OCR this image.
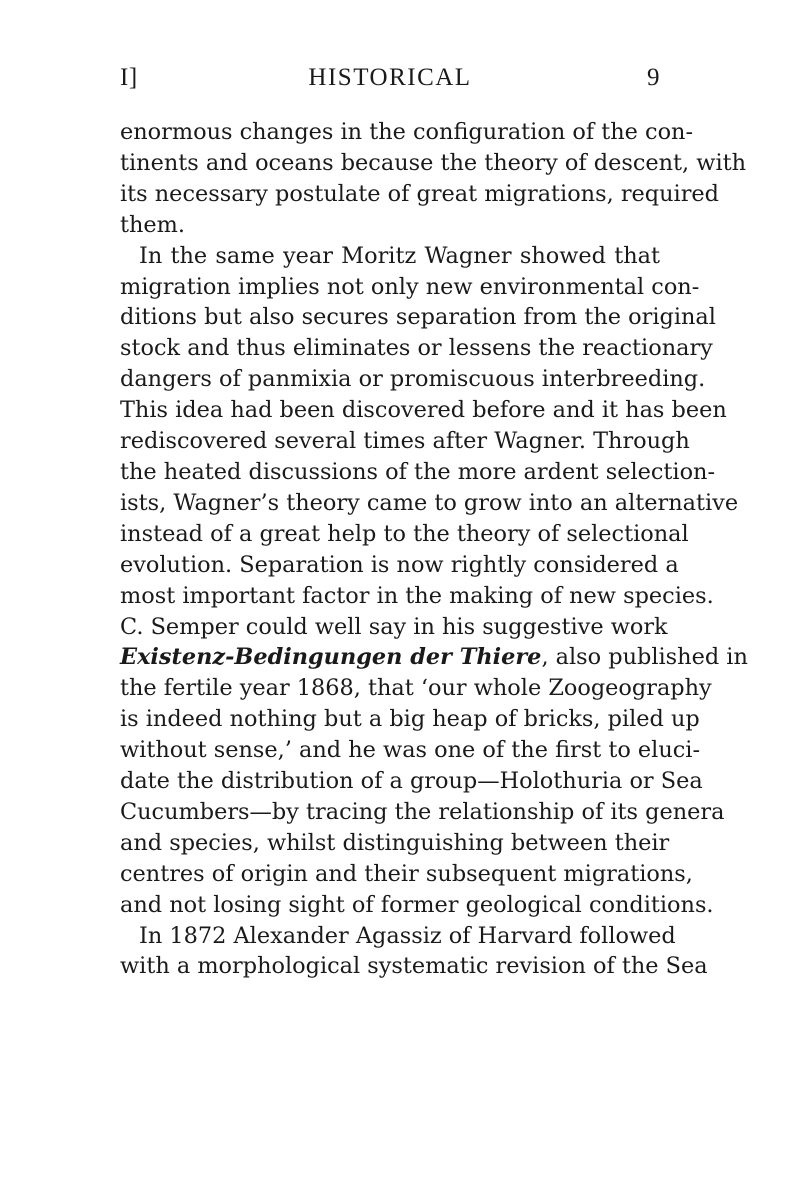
I]	HISTORICAL	9
enormous changes in the configuration of the con-
tinents and oceans because the theory of descent, with
its necessary postulate of great migrations, required
them.
In the same year Moritz Wagner showed that
migration implies not only new environmental con-
ditions but also secures separation from the original
stock and thus eliminates or lessens the reactionary
dangers of panmixia or promiscuous interbreeding.
This idea had been discovered before and it has been
rediscovered several times after Wagner. Through
the heated discussions of the more ardent selection-
ists, Wagner’s theory came to grow into an alternative
instead of a great help to the theory of selectional
evolution. Separation is now rightly considered a
most important factor in the making of new species.
C. Semper could well say in his suggestive work
Existenz-Bedingungen der Thiere, also published in
the fertile year 1868, that ‘our whole Zoogeography
is indeed nothing but a big heap of bricks, piled up
without sense,’ and he was one of the first to eluci-
date the distribution of a group—Holothuria or Sea
Cucumbers—by tracing the relationship of its genera
and species, whilst distinguishing between their
centres of origin and their subsequent migrations,
and not losing sight of former geological conditions.
In 1872 Alexander Agassiz of Harvard followed
with a morphological systematic revision of the Sea
